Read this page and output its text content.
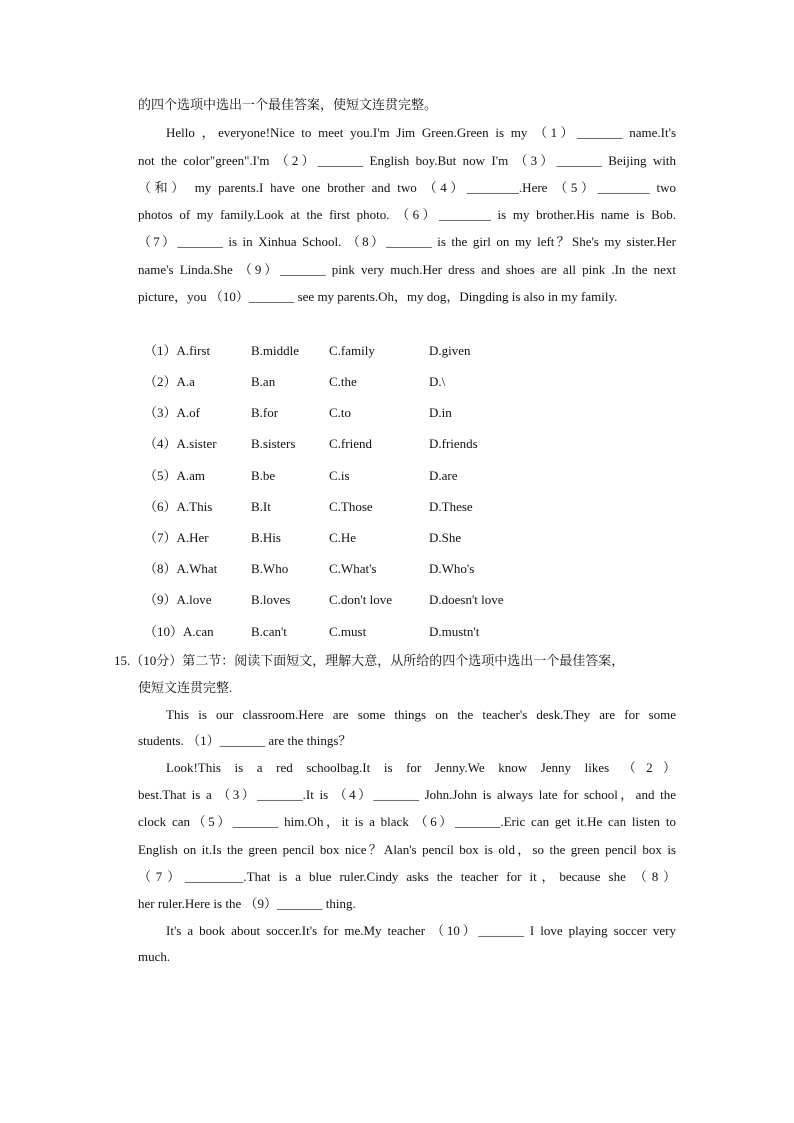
的四个选项中选出一个最佳答案，使短文连贯完整。
Hello ，everyone!Nice to meet you.I'm Jim Green.Green is my （1）_______ name.It's
not the color"green".I'm （2）_______ English boy.But now I'm （3）_______ Beijing with
（和） my parents.I have one brother and two （4）________.Here （5）________ two
photos of my family.Look at the first photo. （6）________ is my brother.His name is Bob.
（7）_______ is in Xinhua School. （8）_______ is the girl on my left？She's my sister.Her
name's Linda.She （9）_______ pink very much.Her dress and shoes are all pink .In the next
picture，you （10）_______ see my parents.Oh，my dog，Dingding is also in my family.
（1）A.first	B.middle C.family	D.given
（2）A.a	B.an	C.the	D.\
（3）A.of	B.for	C.to	D.in
（4）A.sister	B.sisters	C.friend	D.friends
（5）A.am	B.be	C.is	D.are
（6）A.This	B.It	C.Those	D.These
（7）A.Her	B.His	C.He	D.She
（8）A.What	B.Who	C.What's	D.Who's
（9）A.love	B.loves	C.don't love	D.doesn't love
（10）A.can	B.can't	C.must	D.mustn't
15.（10分）第二节：阅读下面短文，理解大意，从所给的四个选项中选出一个最佳答案，
使短文连贯完整.
This is our classroom.Here are some things on the teacher's desk.They are for some
students. （1）_______ are the things？
Look!This is a red schoolbag.It is for Jenny.We know Jenny likes （2）
best.That is a （3）_______.It is （4）_______ John.John is always late for school，and the
clock can（5）_______ him.Oh，it is a black （6）_______.Eric can get it.He can listen to
English on it.Is the green pencil box nice？Alan's pencil box is old，so the green pencil box is
（7）_________.That is a blue ruler.Cindy asks the teacher for it，because she （8）
her ruler.Here is the （9）_______ thing.
It's a book about soccer.It's for me.My teacher （10）_______ I love playing soccer very
much.
